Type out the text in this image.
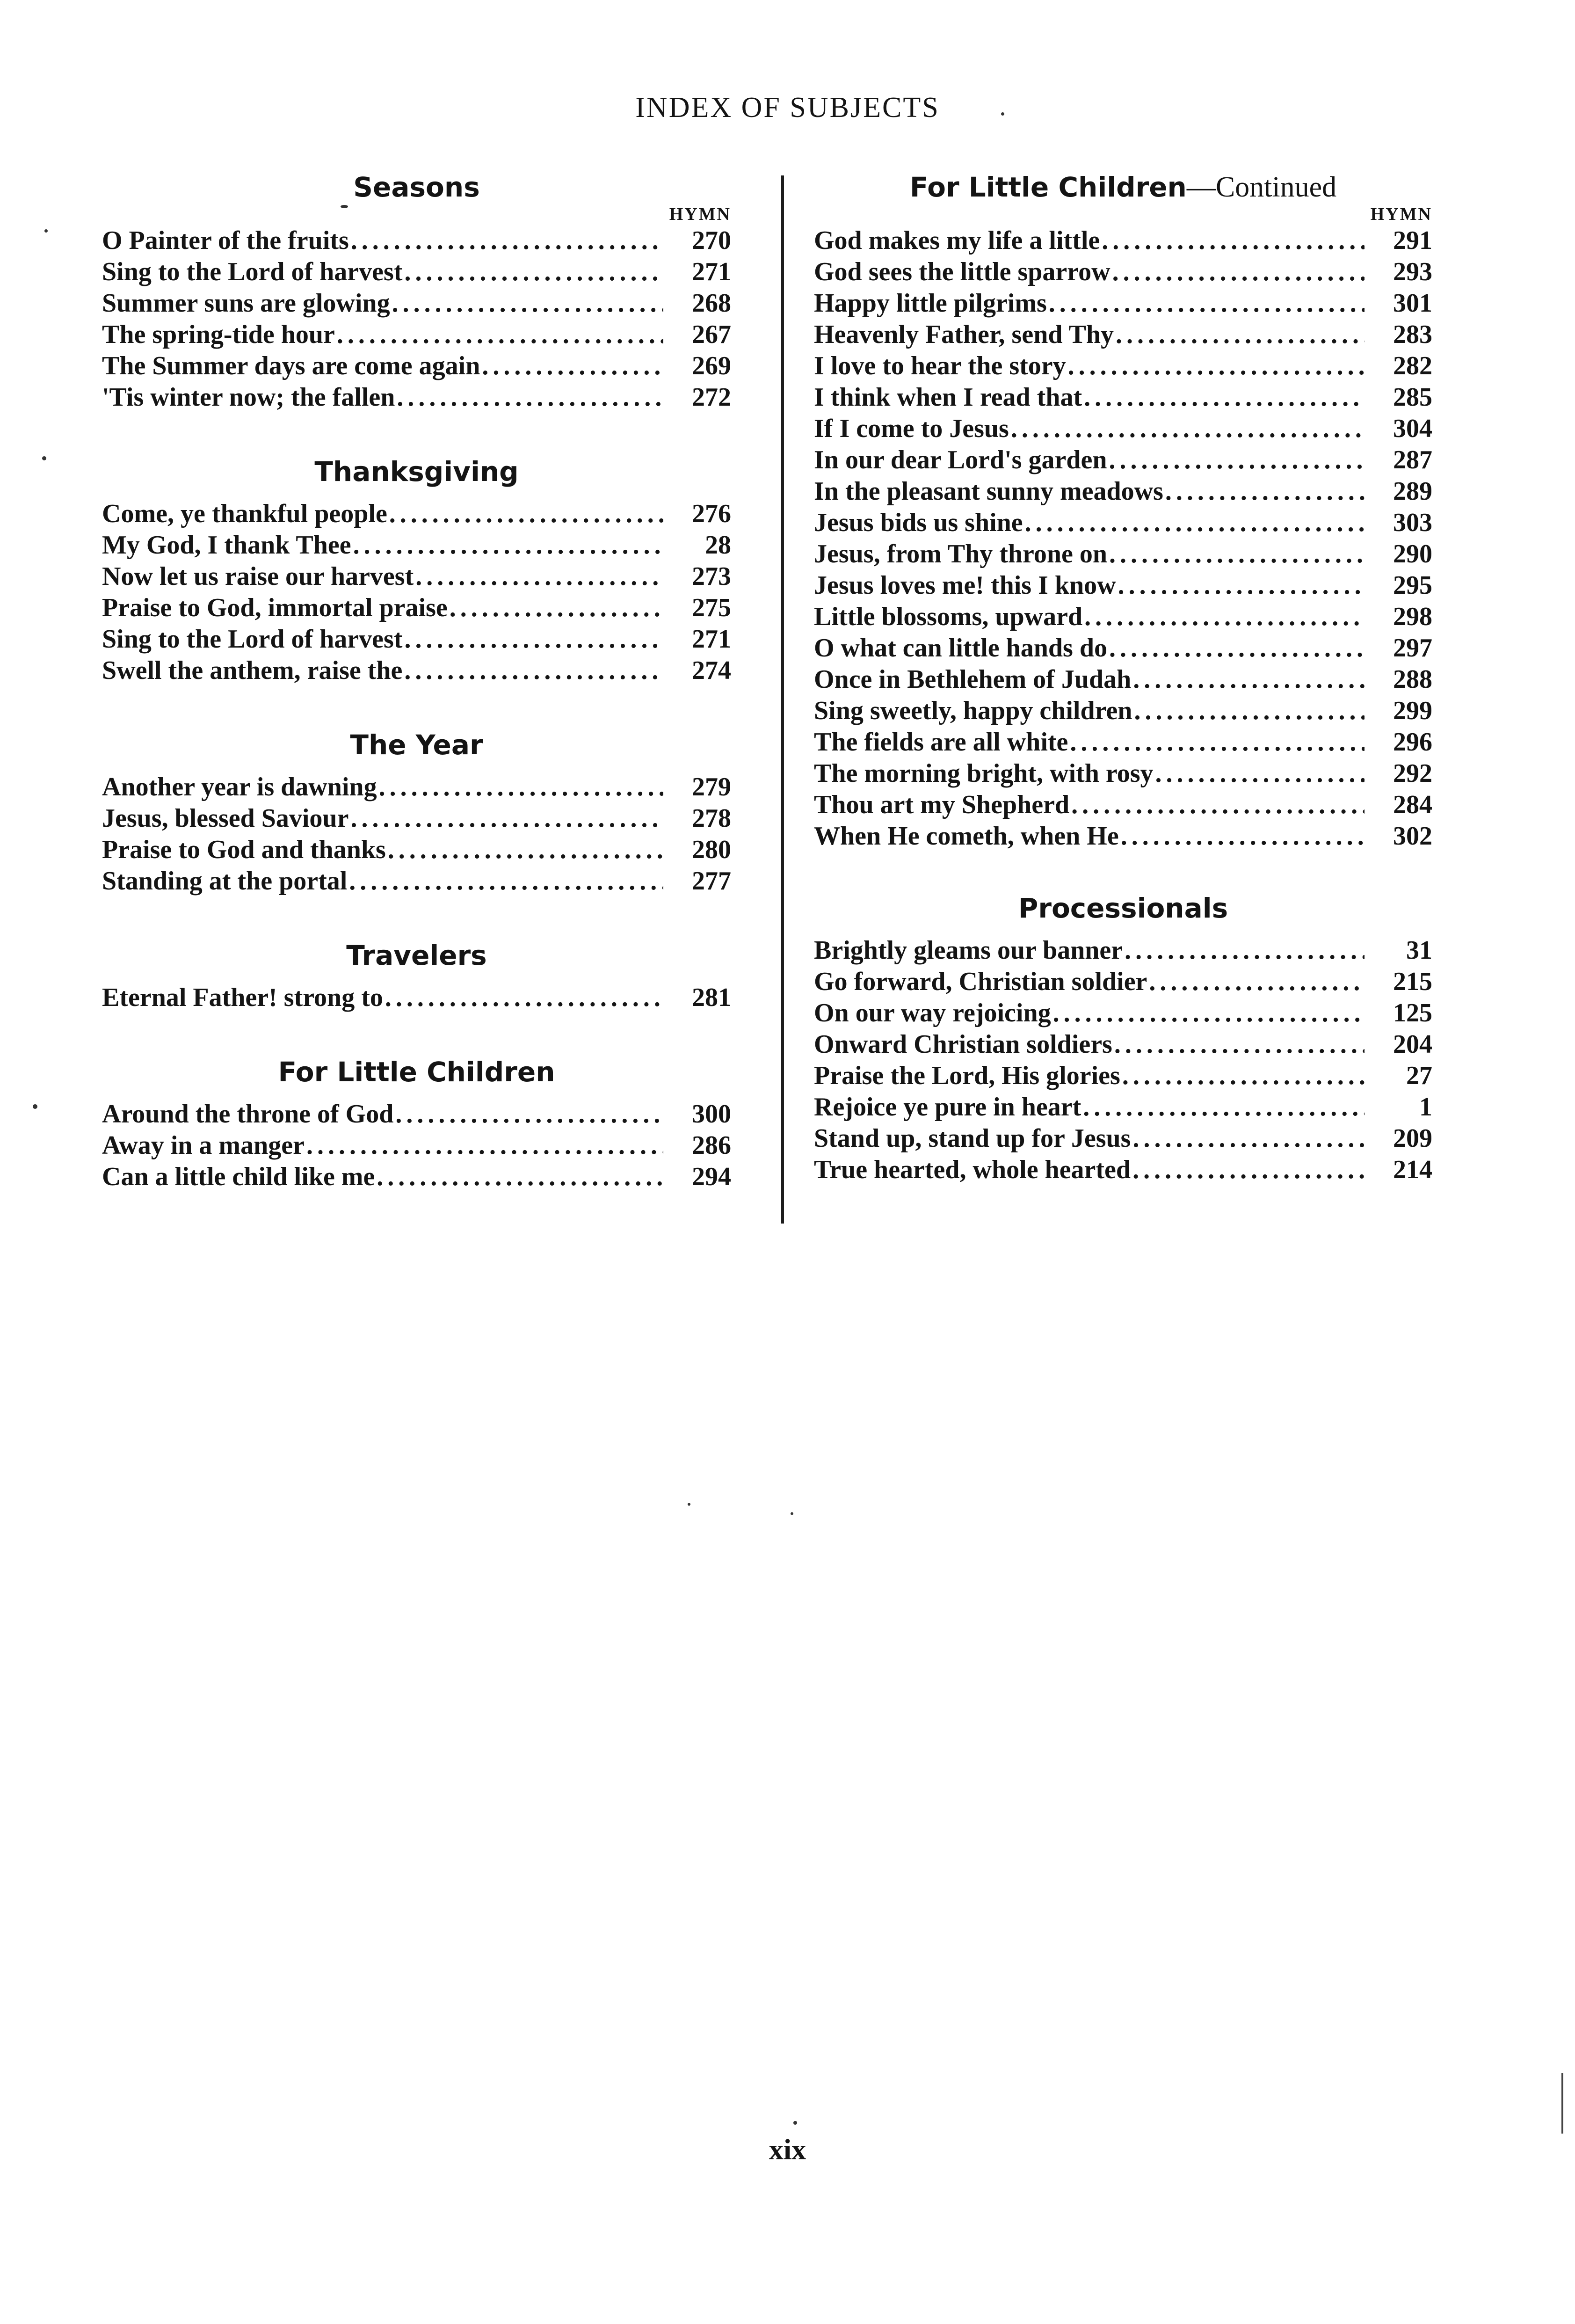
INDEX OF SUBJECTS
Seasons
HYMN
O Painter of the fruits .....	270
Sing to the Lord of harvest .....	271
Summer suns are glowing .....	268
The spring-tide hour .....	267
The Summer days are come again .....	269
'Tis winter now; the fallen .....	272
Thanksgiving
Come, ye thankful people .....	276
My God, I thank Thee .....	28
Now let us raise our harvest .....	273
Praise to God, immortal praise .....	275
Sing to the Lord of harvest .....	271
Swell the anthem, raise the .....	274
The Year
Another year is dawning .....	279
Jesus, blessed Saviour .....	278
Praise to God and thanks .....	280
Standing at the portal .....	277
Travelers
Eternal Father! strong to .....	281
For Little Children
Around the throne of God .....	300
Away in a manger .....	286
Can a little child like me .....	294
For Little Children—Continued
HYMN
God makes my life a little .....	291
God sees the little sparrow .....	293
Happy little pilgrims .....	301
Heavenly Father, send Thy .....	283
I love to hear the story .....	282
I think when I read that .....	285
If I come to Jesus .....	304
In our dear Lord's garden .....	287
In the pleasant sunny meadows .....	289
Jesus bids us shine .....	303
Jesus, from Thy throne on .....	290
Jesus loves me! this I know .....	295
Little blossoms, upward .....	298
O what can little hands do .....	297
Once in Bethlehem of Judah .....	288
Sing sweetly, happy children .....	299
The fields are all white .....	296
The morning bright, with rosy .....	292
Thou art my Shepherd .....	284
When He cometh, when He .....	302
Processionals
Brightly gleams our banner .....	31
Go forward, Christian soldier .....	215
On our way rejoicing .....	125
Onward Christian soldiers .....	204
Praise the Lord, His glories .....	27
Rejoice ye pure in heart .....	1
Stand up, stand up for Jesus .....	209
True hearted, whole hearted .....	214
xix
